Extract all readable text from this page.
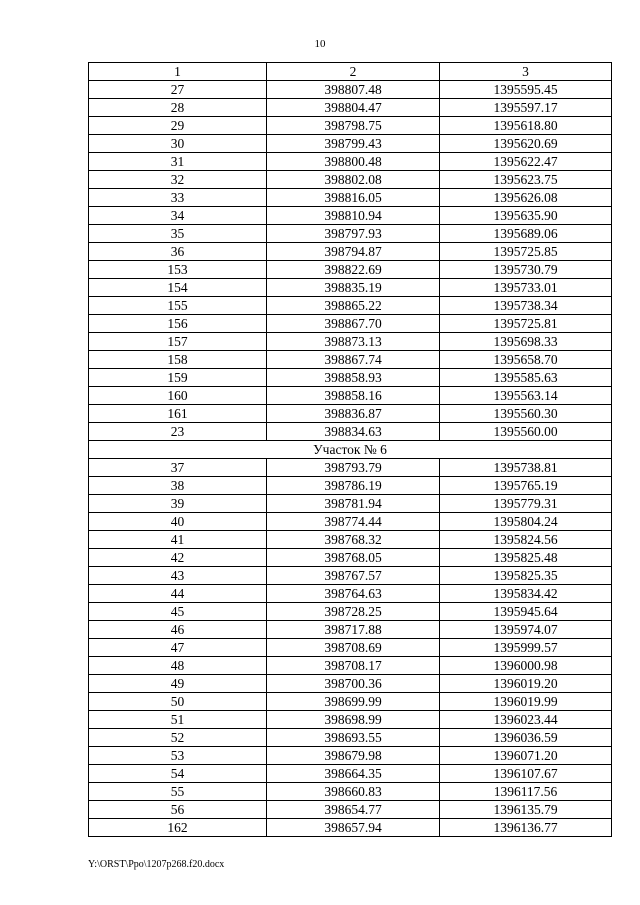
10
1	2	3
27	398807.48	1395595.45
28	398804.47	1395597.17
29	398798.75	1395618.80
30	398799.43	1395620.69
31	398800.48	1395622.47
32	398802.08	1395623.75
33	398816.05	1395626.08
34	398810.94	1395635.90
35	398797.93	1395689.06
36	398794.87	1395725.85
153	398822.69	1395730.79
154	398835.19	1395733.01
155	398865.22	1395738.34
156	398867.70	1395725.81
157	398873.13	1395698.33
158	398867.74	1395658.70
159	398858.93	1395585.63
160	398858.16	1395563.14
161	398836.87	1395560.30
23	398834.63	1395560.00
Участок № 6		
37	398793.79	1395738.81
38	398786.19	1395765.19
39	398781.94	1395779.31
40	398774.44	1395804.24
41	398768.32	1395824.56
42	398768.05	1395825.48
43	398767.57	1395825.35
44	398764.63	1395834.42
45	398728.25	1395945.64
46	398717.88	1395974.07
47	398708.69	1395999.57
48	398708.17	1396000.98
49	398700.36	1396019.20
50	398699.99	1396019.99
51	398698.99	1396023.44
52	398693.55	1396036.59
53	398679.98	1396071.20
54	398664.35	1396107.67
55	398660.83	1396117.56
56	398654.77	1396135.79
162	398657.94	1396136.77
Y:\ORST\Ppo\1207p268.f20.docx
